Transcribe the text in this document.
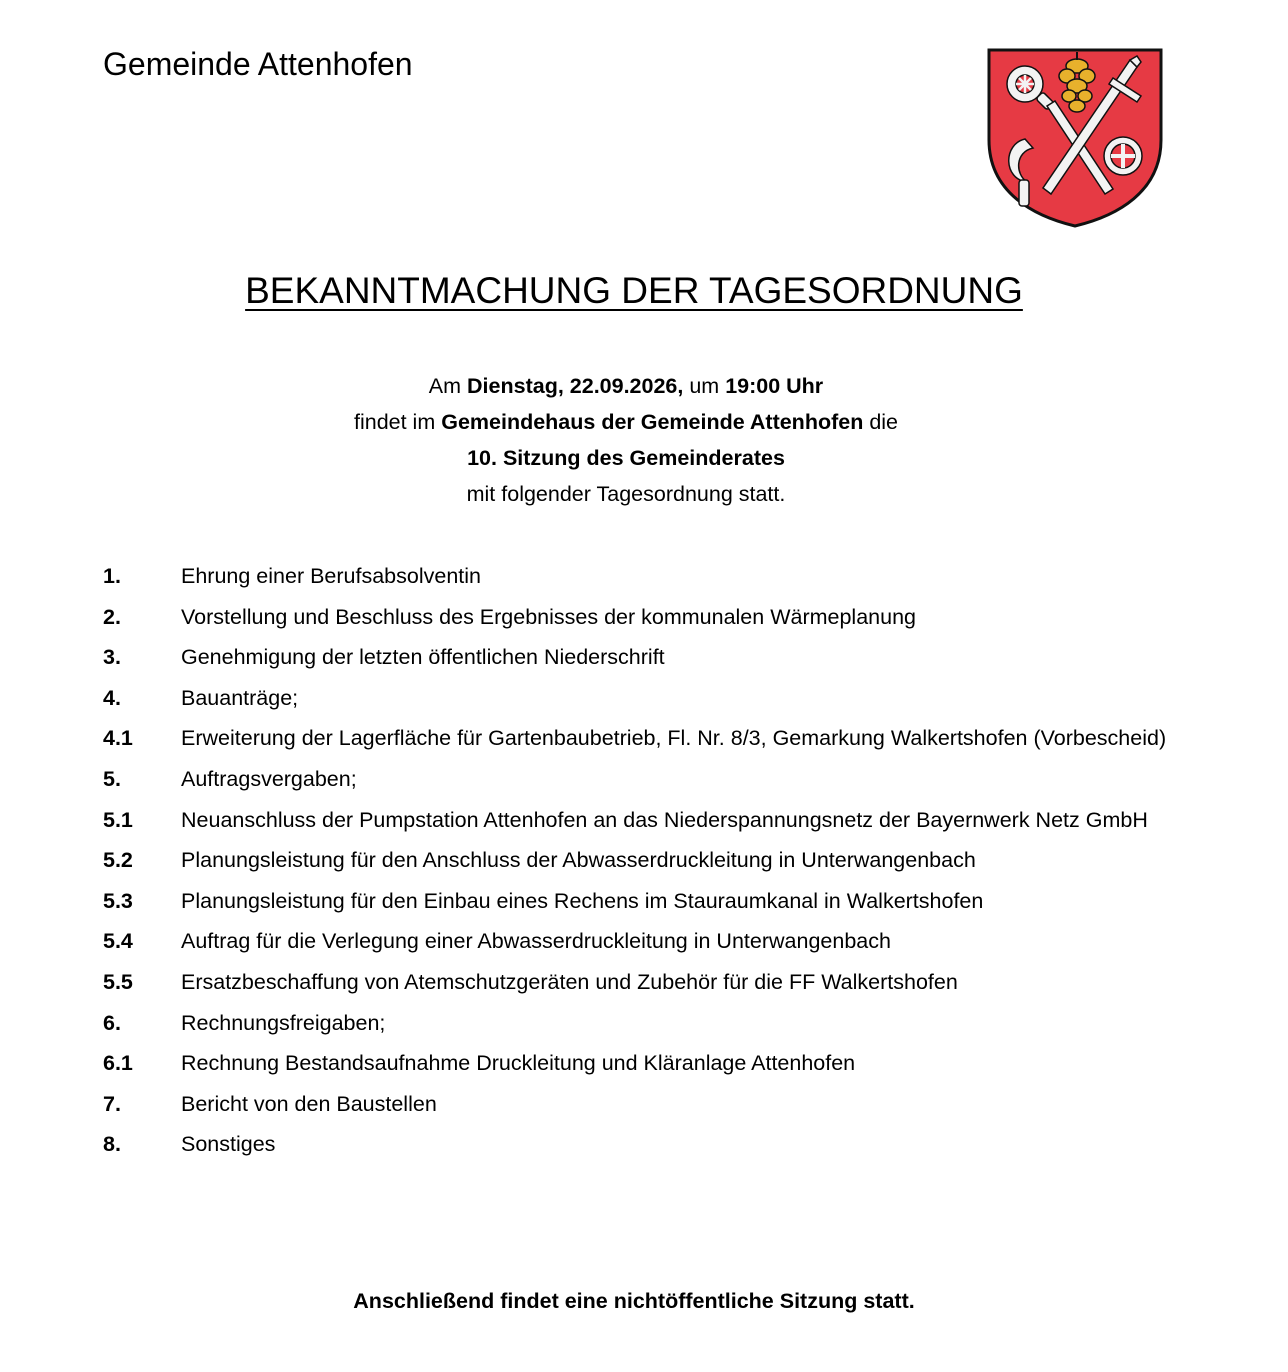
Gemeinde Attenhofen
BEKANNTMACHUNG DER TAGESORDNUNG
Am Dienstag, 22.09.2026, um 19:00 Uhr
findet im Gemeindehaus der Gemeinde Attenhofen die
10. Sitzung des Gemeinderates
mit folgender Tagesordnung statt.
1.	Ehrung einer Berufsabsolventin
2.	Vorstellung und Beschluss des Ergebnisses der kommunalen Wärmeplanung
3.	Genehmigung der letzten öffentlichen Niederschrift
4.	Bauanträge;
4.1	Erweiterung der Lagerfläche für Gartenbaubetrieb, Fl. Nr. 8/3, Gemarkung Walkertshofen (Vorbescheid)
5.	Auftragsvergaben;
5.1	Neuanschluss der Pumpstation Attenhofen an das Niederspannungsnetz der Bayernwerk Netz GmbH
5.2	Planungsleistung für den Anschluss der Abwasserdruckleitung in Unterwangenbach
5.3	Planungsleistung für den Einbau eines Rechens im Stauraumkanal in Walkertshofen
5.4	Auftrag für die Verlegung einer Abwasserdruckleitung in Unterwangenbach
5.5	Ersatzbeschaffung von Atemschutzgeräten und Zubehör für die FF Walkertshofen
6.	Rechnungsfreigaben;
6.1	Rechnung Bestandsaufnahme Druckleitung und Kläranlage Attenhofen
7.	Bericht von den Baustellen
8.	Sonstiges
Anschließend findet eine nichtöffentliche Sitzung statt.
